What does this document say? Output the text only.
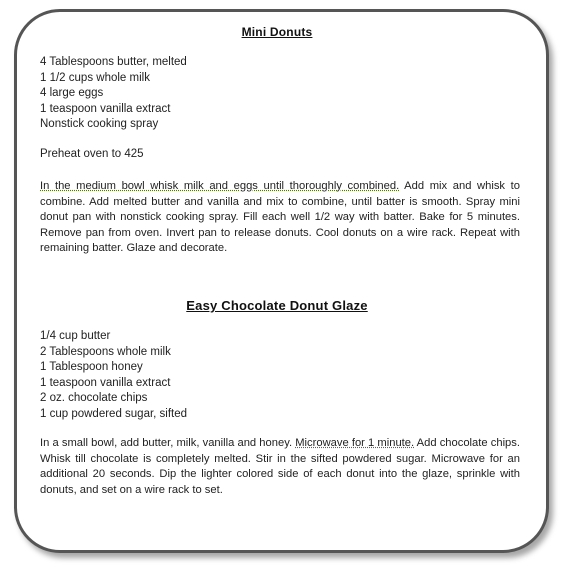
Mini Donuts

4 Tablespoons butter, melted
1 1/2 cups whole milk
4 large eggs
1 teaspoon vanilla extract
Nonstick cooking spray

Preheat oven to 425

In the medium bowl whisk milk and eggs until thoroughly combined. Add mix and whisk to combine. Add melted butter and vanilla and mix to combine, until batter is smooth. Spray mini donut pan with nonstick cooking spray. Fill each well 1/2 way with batter. Bake for 5 minutes. Remove pan from oven. Invert pan to release donuts. Cool donuts on a wire rack. Repeat with remaining batter. Glaze and decorate.

Easy Chocolate Donut Glaze

1/4 cup butter
2 Tablespoons whole milk
1 Tablespoon honey
1 teaspoon vanilla extract
2 oz. chocolate chips
1 cup powdered sugar, sifted

In a small bowl, add butter, milk, vanilla and honey. Microwave for 1 minute. Add chocolate chips. Whisk till chocolate is completely melted. Stir in the sifted powdered sugar. Microwave for an additional 20 seconds. Dip the lighter colored side of each donut into the glaze, sprinkle with donuts, and set on a wire rack to set.
